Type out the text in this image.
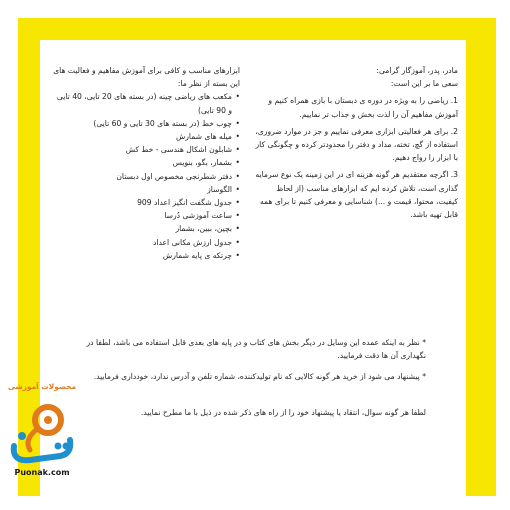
مادر، پدر، آموزگار گرامی:

سعی ما بر این است:

1. ریاضی را به ویژه در دوره ی دبستان با بازی همراه کنیم و آموزش مفاهیم آن را لذت بخش و جذاب تر نماییم.

2. برای هر فعالیتی ابزاری معرفی نماییم و جز در موارد ضروری، استفاده از گچ، تخته، مداد و دفتر را محدودتر کرده و چگونگی کار با ابزار را رواج دهیم.

3. اگرچه معتقدیم هر گونه هزینه ای در این زمینه یک نوع سرمایه گذاری است، تلاش کرده ایم که ابزارهای مناسب (از لحاظ کیفیت، محتوا، قیمت و ...) شناسایی و معرفی کنیم تا برای همه قابل تهیه باشد.

ابزارهای مناسب و کافی برای آموزش مفاهیم و فعالیت های این بسته از نظر ما:

• مکعب های ریاضی چینه (در بسته های 20 تایی، 40 تایی و 90 تایی)
• چوب خط (در بسته های 30 تایی و 60 تایی)
• میله های شمارش
• شابلون اشکال هندسی - خط کش
• بشمار، بگو، بنویس
• دفتر شطرنجی مخصوص اول دبستان
• الگوساز
• جدول شگفت انگیز اعداد 909
• ساعت آموزشی دُرسا
• بچین، ببین، بشمار
• جدول ارزش مکانی اعداد
• چرتکه ی پایه شمارش

* نظر به اینکه عمده این وسایل در دیگر بخش های کتاب و در پایه های بعدی قابل استفاده می باشد، لطفا در نگهداری آن ها دقت فرمایید.

* پیشنهاد می شود از خرید هر گونه کالایی که نام تولیدکننده، شماره تلفن و آدرس ندارد، خودداری فرمایید.

لطفا هر گونه سوال، انتقاد یا پیشنهاد خود را از راه های ذکر شده در ذیل با ما مطرح نمایید.

محصولات آموزشی
Puonak.com
